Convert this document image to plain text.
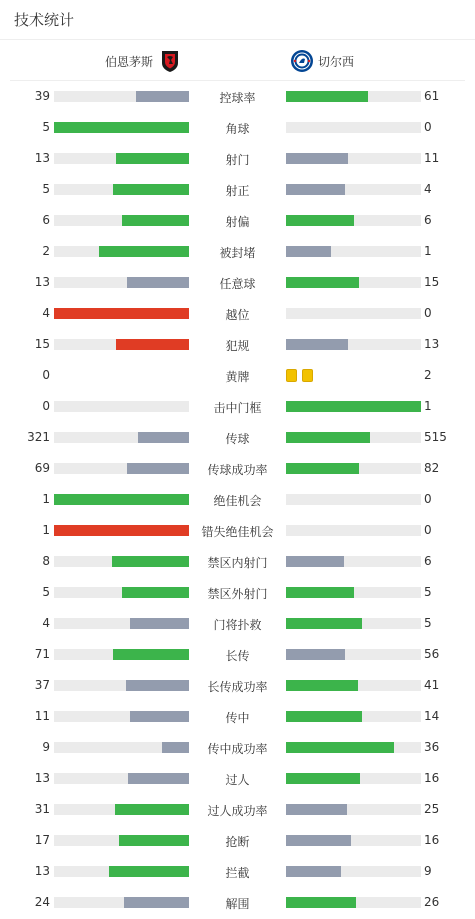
技术统计
伯恩茅斯	切尔西
39	控球率	61
5	角球	0
13	射门	11
5	射正	4
6	射偏	6
2	被封堵	1
13	任意球	15
4	越位	0
15	犯规	13
0	黄牌	2
0	击中门框	1
321	传球	515
69	传球成功率	82
1	绝佳机会	0
1	错失绝佳机会	0
8	禁区内射门	6
5	禁区外射门	5
4	门将扑救	5
71	长传	56
37	长传成功率	41
11	传中	14
9	传中成功率	36
13	过人	16
31	过人成功率	25
17	抢断	16
13	拦截	9
24	解围	26
